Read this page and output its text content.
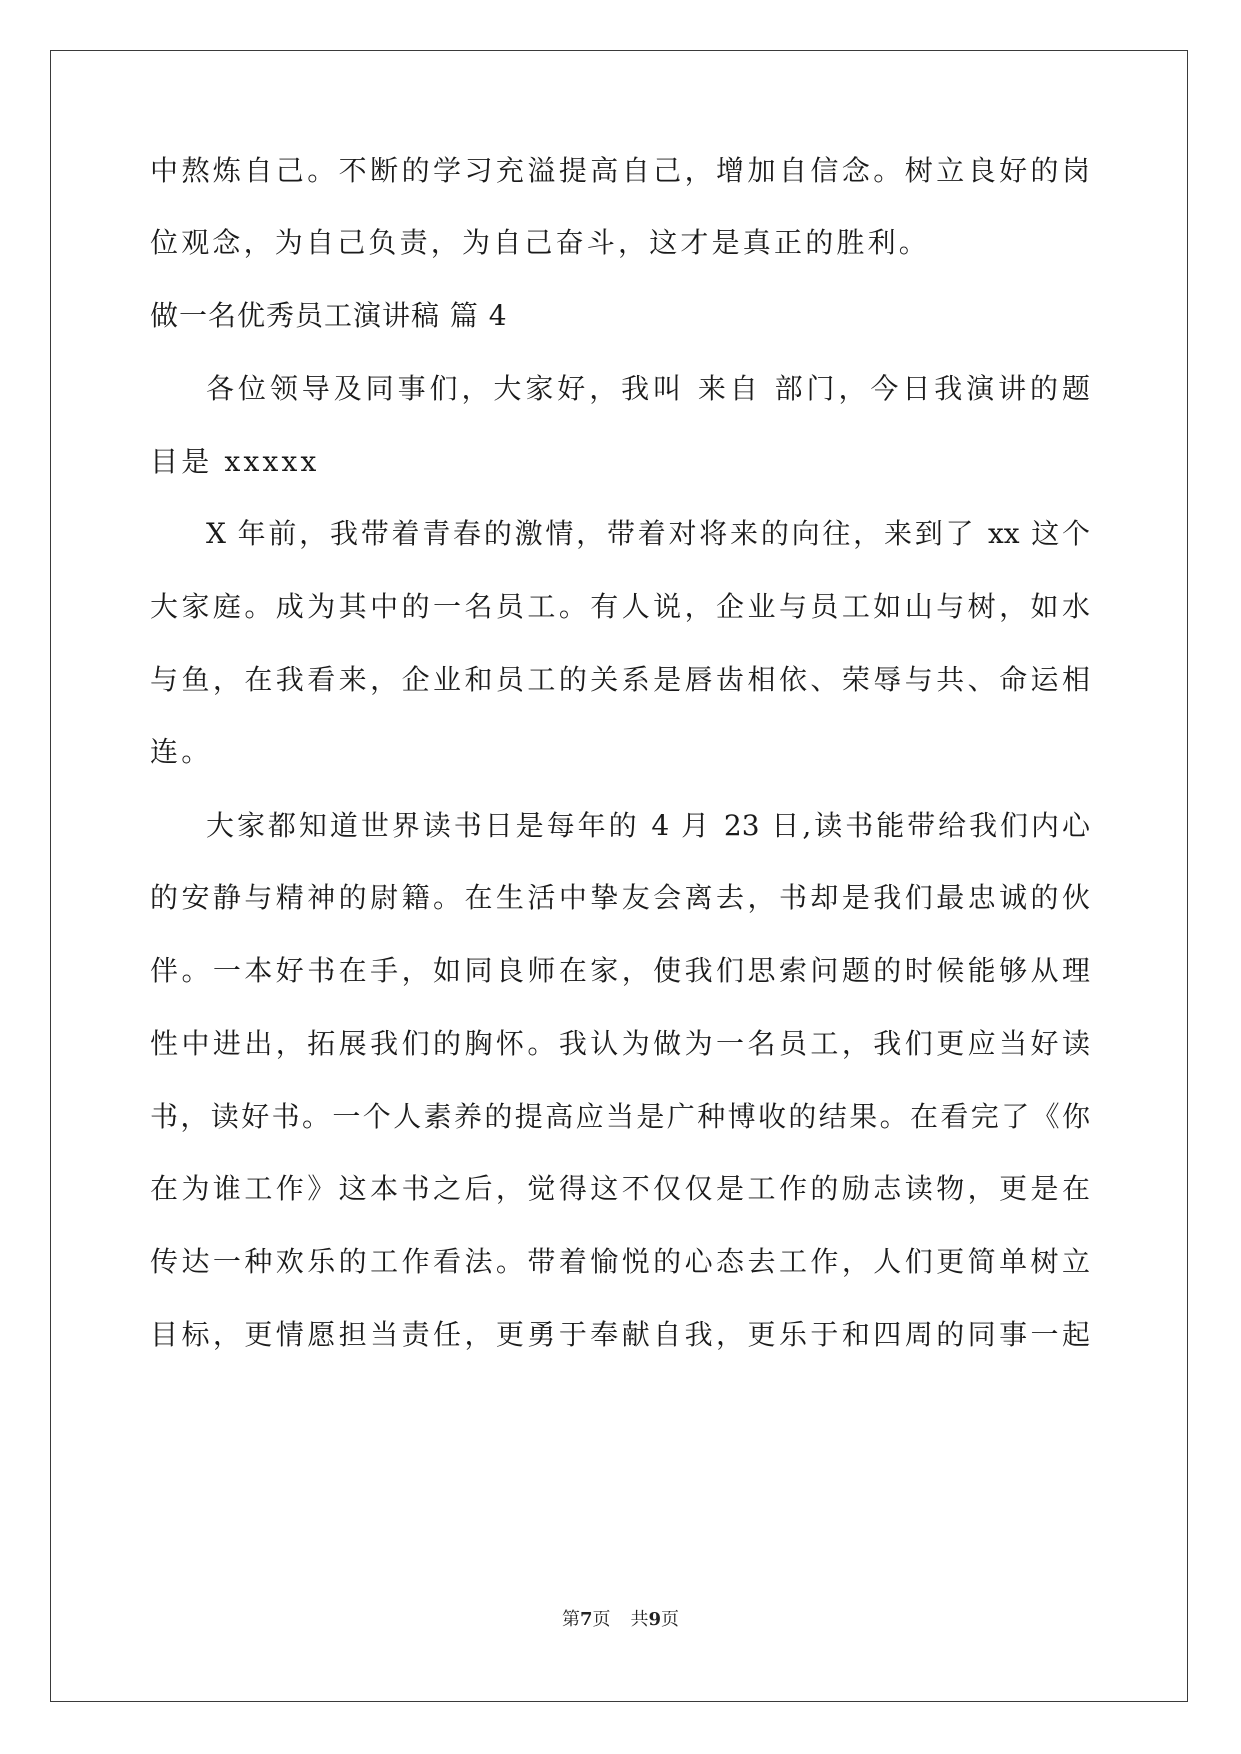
中熬炼自己。不断的学习充溢提高自己，增加自信念。树立良好的岗
位观念，为自己负责，为自己奋斗，这才是真正的胜利。
做一名优秀员工演讲稿 篇 4
各位领导及同事们，大家好，我叫 来自 部门，今日我演讲的题
目是 xxxxx
X 年前，我带着青春的激情，带着对将来的向往，来到了 xx 这个
大家庭。成为其中的一名员工。有人说，企业与员工如山与树，如水
与鱼，在我看来，企业和员工的关系是唇齿相依、荣辱与共、命运相
连。
大家都知道世界读书日是每年的 4 月 23 日,读书能带给我们内心
的安静与精神的尉籍。在生活中挚友会离去，书却是我们最忠诚的伙
伴。一本好书在手，如同良师在家，使我们思索问题的时候能够从理
性中进出，拓展我们的胸怀。我认为做为一名员工，我们更应当好读
书，读好书。一个人素养的提高应当是广种博收的结果。在看完了《你
在为谁工作》这本书之后，觉得这不仅仅是工作的励志读物，更是在
传达一种欢乐的工作看法。带着愉悦的心态去工作，人们更简单树立
目标，更情愿担当责任，更勇于奉献自我，更乐于和四周的同事一起
第7页 共9页
